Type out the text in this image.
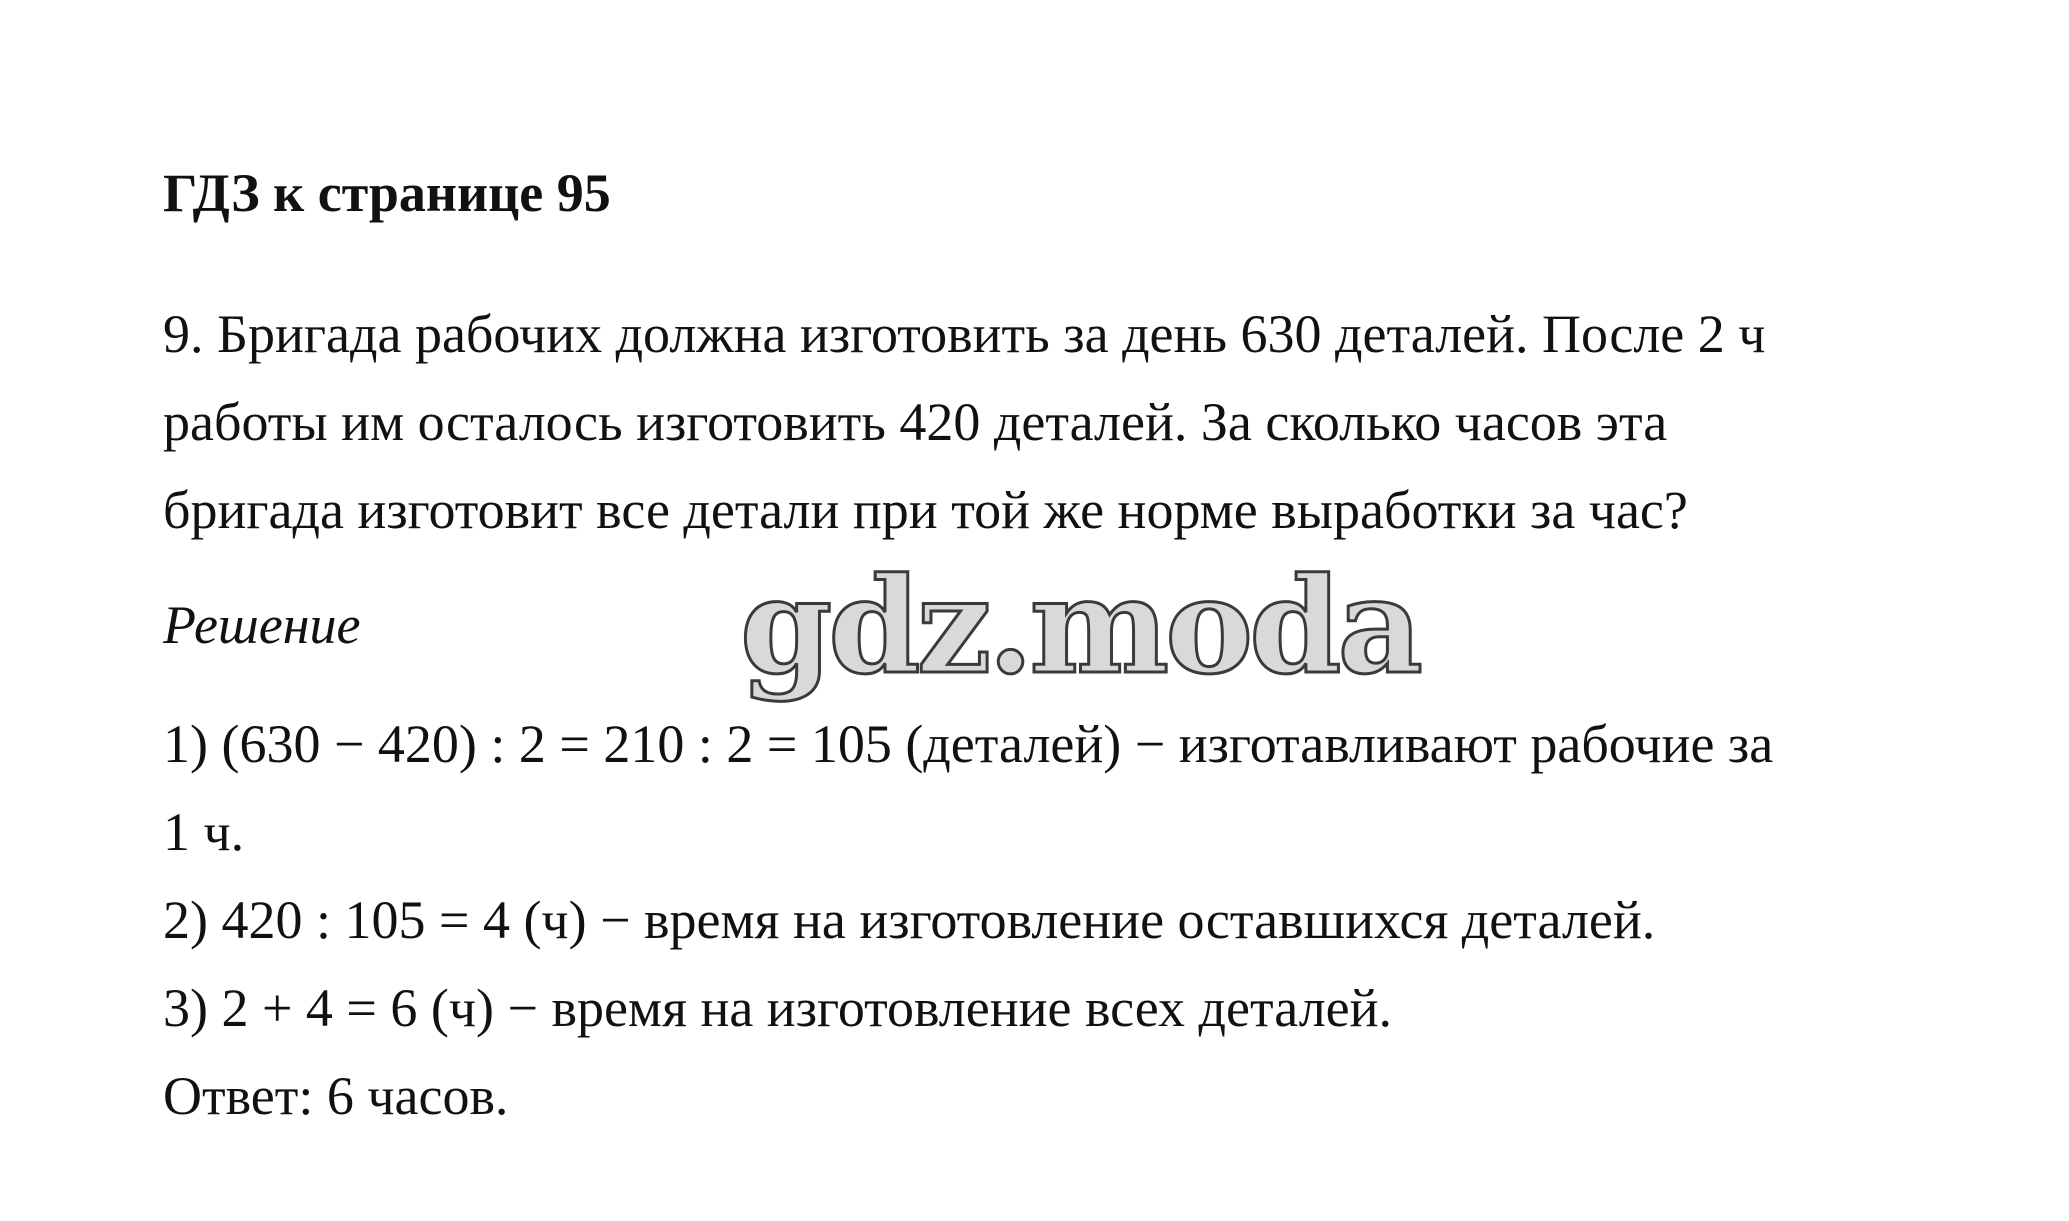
ГДЗ к странице 95
9. Бригада рабочих должна изготовить за день 630 деталей. После 2 ч
работы им осталось изготовить 420 деталей. За сколько часов эта
бригада изготовит все детали при той же норме выработки за час?
Решение	gdz.moda
1) (630 − 420) : 2 = 210 : 2 = 105 (деталей) − изготавливают рабочие за
1 ч.
2) 420 : 105 = 4 (ч) − время на изготовление оставшихся деталей.
3) 2 + 4 = 6 (ч) − время на изготовление всех деталей.
Ответ: 6 часов.
